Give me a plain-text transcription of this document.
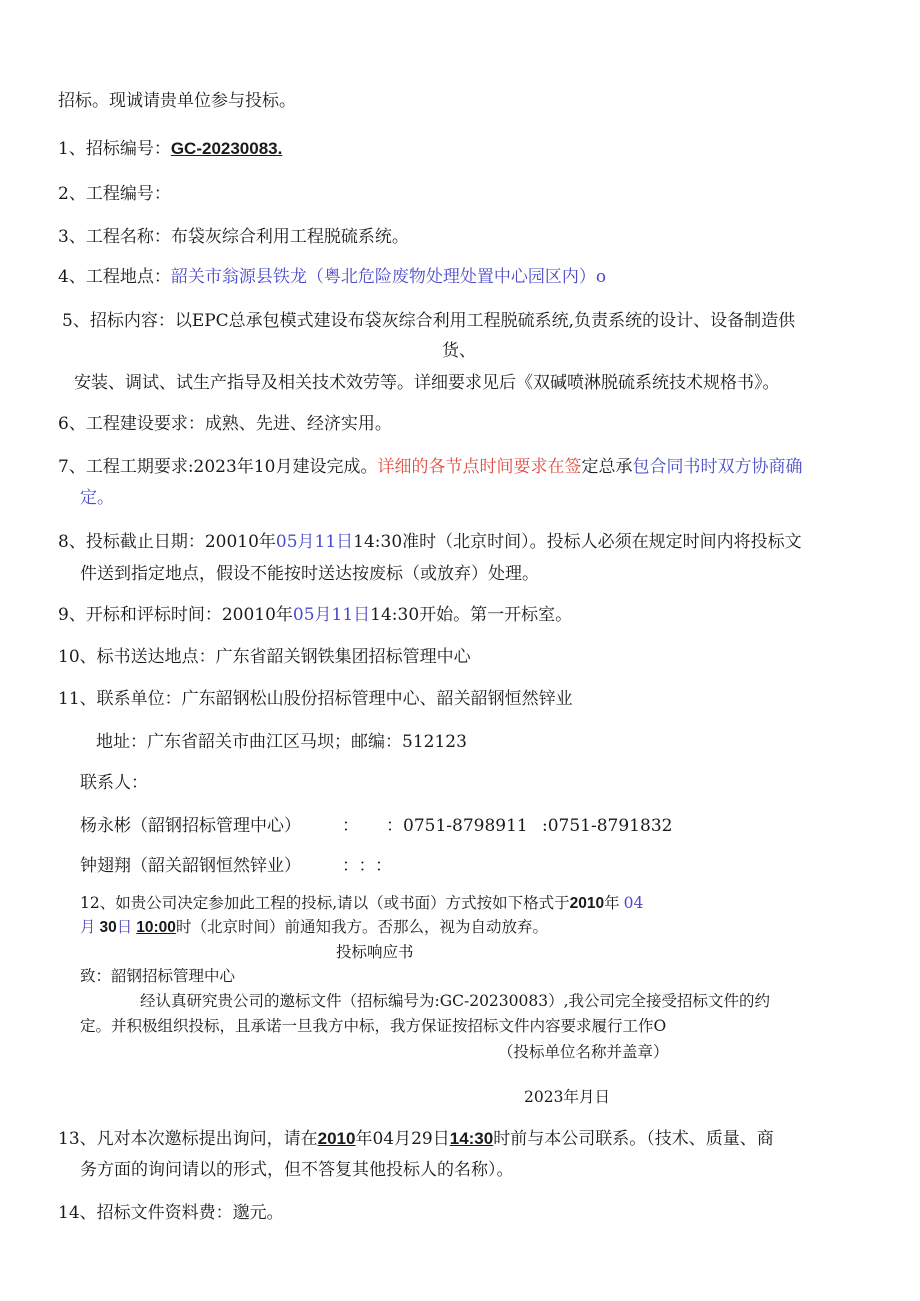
招标。现诚请贵单位参与投标。
1、招标编号：GC-20230083.
2、工程编号：
3、工程名称：布袋灰综合利用工程脱硫系统。
4、工程地点：韶关市翁源县铁龙（粤北危险废物处理处置中心园区内）o
5、招标内容：以EPC总承包模式建设布袋灰综合利用工程脱硫系统,负责系统的设计、设备制造供
货、
安装、调试、试生产指导及相关技术效劳等。详细要求见后《双碱喷淋脱硫系统技术规格书》。
6、工程建设要求：成熟、先进、经济实用。
7、工程工期要求:2023年10月建设完成。详细的各节点时间要求在签定总承包合同书时双方协商确
定。
8、投标截止日期：20010年05月11日14:30准时（北京时间）。投标人必须在规定时间内将投标文
件送到指定地点，假设不能按时送达按废标（或放弃）处理。
9、开标和评标时间：20010年05月11日14:30开始。第一开标室。
10、标书送达地点：广东省韶关钢铁集团招标管理中心
11、联系单位：广东韶钢松山股份招标管理中心、韶关韶钢恒然锌业
地址：广东省韶关市曲江区马坝；邮编：512123
联系人：
杨永彬（韶钢招标管理中心） ： ：0751-8798911 :0751-8791832
钟翅翔（韶关韶钢恒然锌业） ：：：
12、如贵公司决定参加此工程的投标,请以（或书面）方式按如下格式于2010年 04
月 30日 10:00时（北京时间）前通知我方。否那么，视为自动放弃。
投标响应书
致：韶钢招标管理中心
经认真研究贵公司的邀标文件（招标编号为:GC-20230083）,我公司完全接受招标文件的约
定。并积极组织投标，且承诺一旦我方中标，我方保证按招标文件内容要求履行工作O
（投标单位名称并盖章）
2023年月日
13、凡对本次邀标提出询问，请在2010年04月29日14:30时前与本公司联系。（技术、质量、商
务方面的询问请以的形式，但不答复其他投标人的名称）。
14、招标文件资料费：邈元。
